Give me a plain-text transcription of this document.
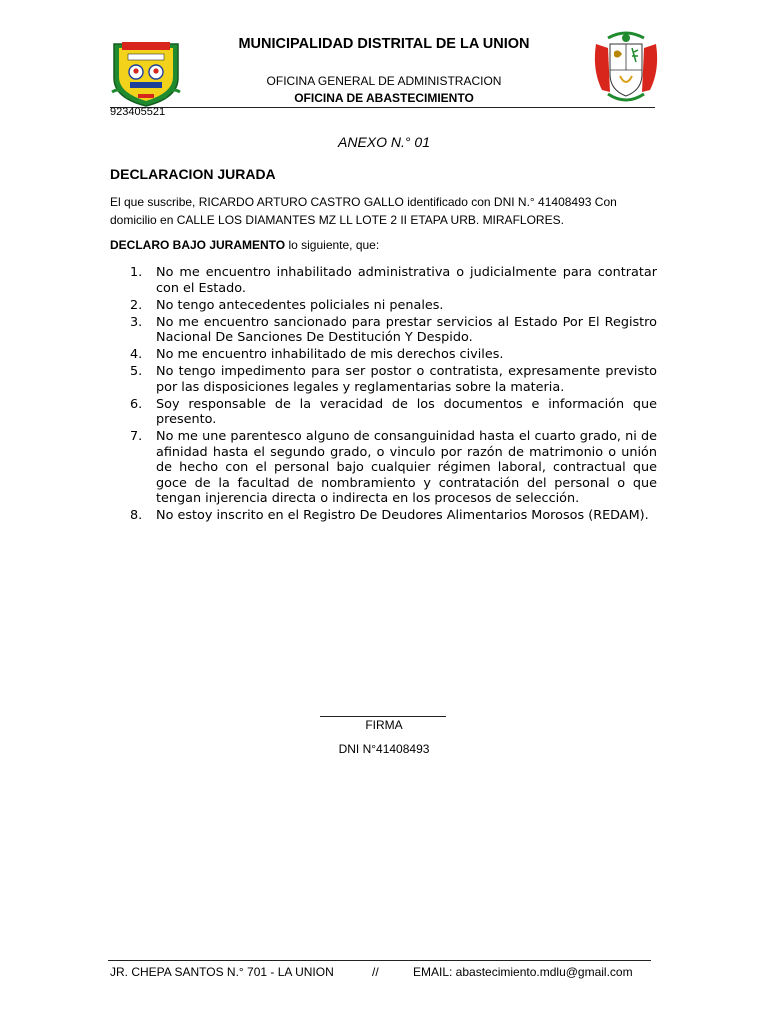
MUNICIPALIDAD DISTRITAL DE LA UNION
OFICINA GENERAL DE ADMINISTRACION
OFICINA DE ABASTECIMIENTO
923405521
ANEXO N.° 01
DECLARACION JURADA
El que suscribe, RICARDO ARTURO CASTRO GALLO identificado con DNI N.° 41408493 Con domicilio en CALLE LOS DIAMANTES MZ LL LOTE 2 II ETAPA URB. MIRAFLORES.
DECLARO BAJO JURAMENTO lo siguiente, que:
1. No me encuentro inhabilitado administrativa o judicialmente para contratar con el Estado.
2. No tengo antecedentes policiales ni penales.
3. No me encuentro sancionado para prestar servicios al Estado Por El Registro Nacional De Sanciones De Destitución Y Despido.
4. No me encuentro inhabilitado de mis derechos civiles.
5. No tengo impedimento para ser postor o contratista, expresamente previsto por las disposiciones legales y reglamentarias sobre la materia.
6. Soy responsable de la veracidad de los documentos e información que presento.
7. No me une parentesco alguno de consanguinidad hasta el cuarto grado, ni de afinidad hasta el segundo grado, o vinculo por razón de matrimonio o unión de hecho con el personal bajo cualquier régimen laboral, contractual que goce de la facultad de nombramiento y contratación del personal o que tengan injerencia directa o indirecta en los procesos de selección.
8. No estoy inscrito en el Registro De Deudores Alimentarios Morosos (REDAM).
FIRMA
DNI N°41408493
JR. CHEPA SANTOS N.° 701 - LA UNION	//	EMAIL: abastecimiento.mdlu@gmail.com
